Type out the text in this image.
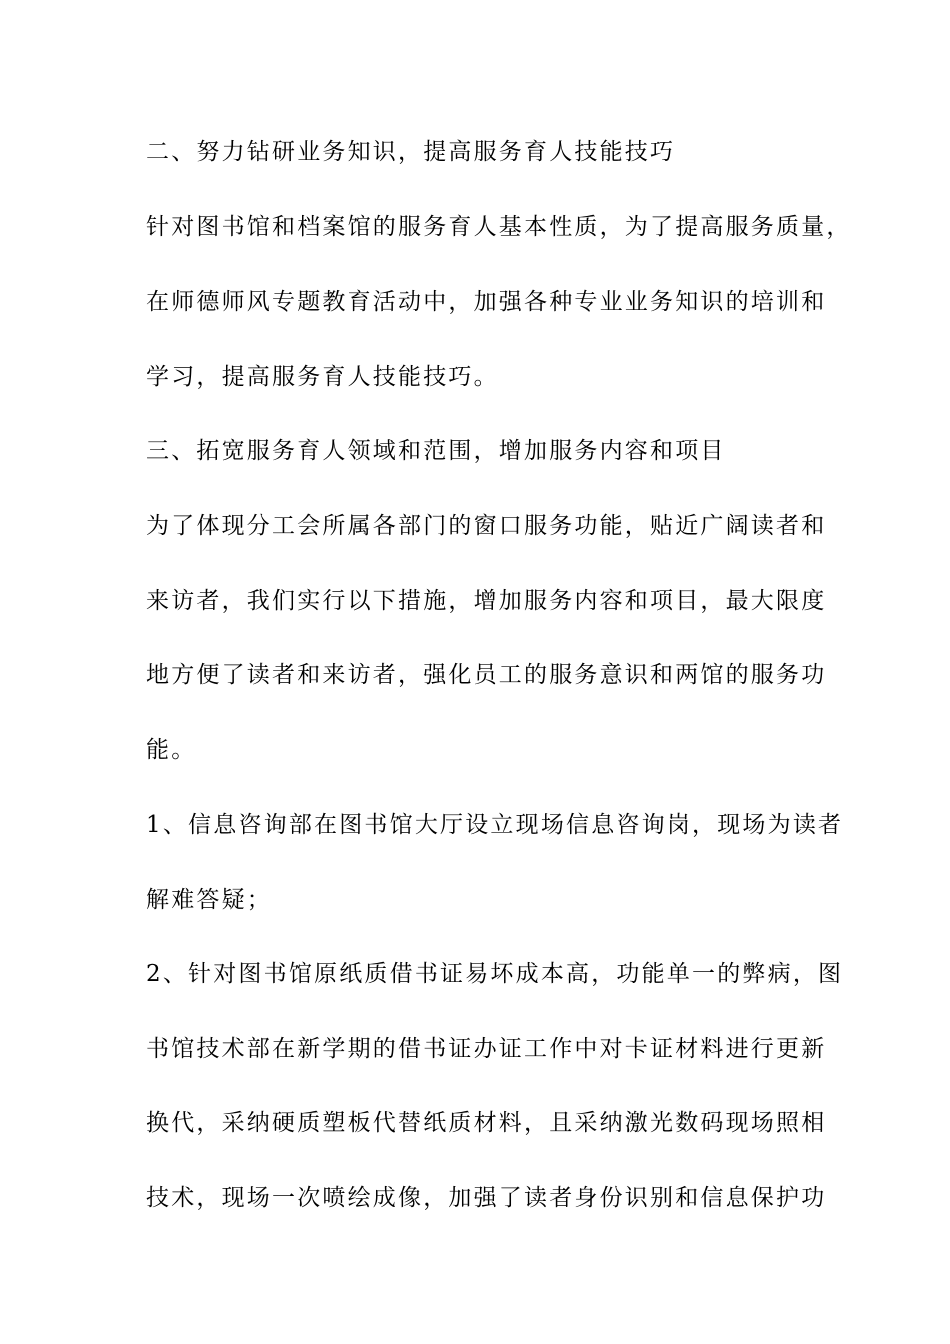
二、努力钻研业务知识，提高服务育人技能技巧
针对图书馆和档案馆的服务育人基本性质，为了提高服务质量，
在师德师风专题教育活动中，加强各种专业业务知识的培训和
学习，提高服务育人技能技巧。
三、拓宽服务育人领域和范围，增加服务内容和项目
为了体现分工会所属各部门的窗口服务功能，贴近广阔读者和
来访者，我们实行以下措施，增加服务内容和项目，最大限度
地方便了读者和来访者，强化员工的服务意识和两馆的服务功
能。
1、信息咨询部在图书馆大厅设立现场信息咨询岗，现场为读者
解难答疑；
2、针对图书馆原纸质借书证易坏成本高，功能单一的弊病，图
书馆技术部在新学期的借书证办证工作中对卡证材料进行更新
换代，采纳硬质塑板代替纸质材料，且采纳激光数码现场照相
技术，现场一次喷绘成像，加强了读者身份识别和信息保护功
